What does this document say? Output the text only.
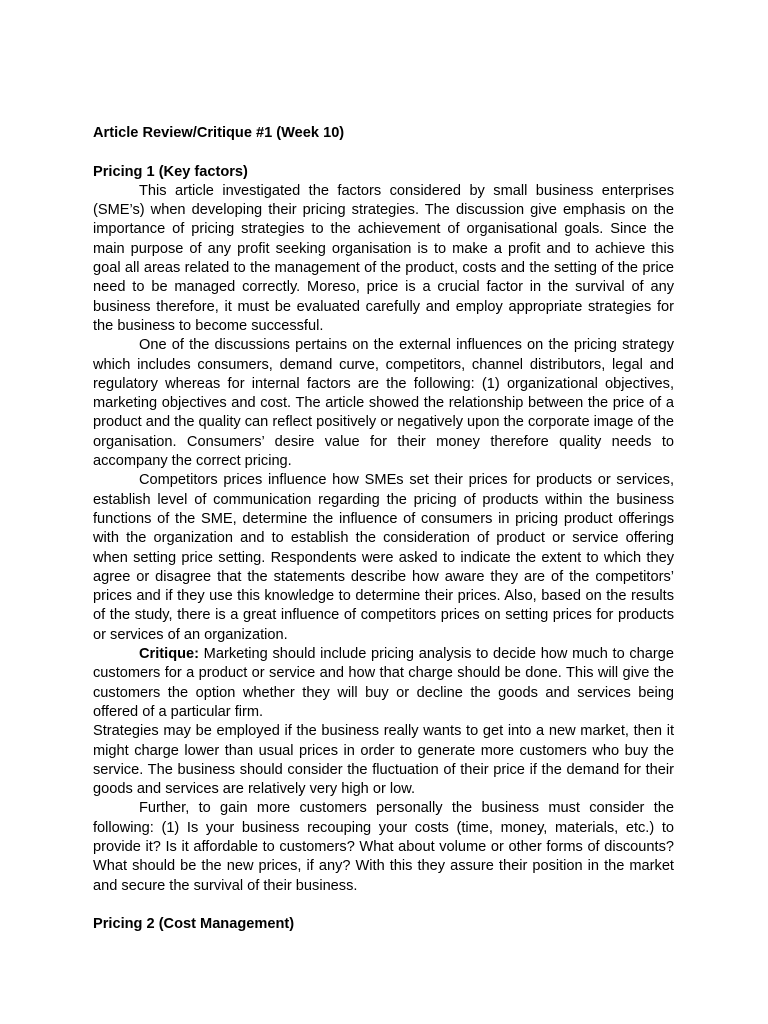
Article Review/Critique #1 (Week 10)
Pricing 1 (Key factors)

This article investigated the factors considered by small business enterprises (SME’s) when developing their pricing strategies. The discussion give emphasis on the importance of pricing strategies to the achievement of organisational goals. Since the main purpose of any profit seeking organisation is to make a profit and to achieve this goal all areas related to the management of the product, costs and the setting of the price need to be managed correctly. Moreso, price is a crucial factor in the survival of any business therefore, it must be evaluated carefully and employ appropriate strategies for the business to become successful.

One of the discussions pertains on the external influences on the pricing strategy which includes consumers, demand curve, competitors, channel distributors, legal and regulatory whereas for internal factors are the following: (1) organizational objectives, marketing objectives and cost. The article showed the relationship between the price of a product and the quality can reflect positively or negatively upon the corporate image of the organisation. Consumers’ desire value for their money therefore quality needs to accompany the correct pricing.

Competitors prices influence how SMEs set their prices for products or services, establish level of communication regarding the pricing of products within the business functions of the SME, determine the influence of consumers in pricing product offerings with the organization and to establish the consideration of product or service offering when setting price setting. Respondents were asked to indicate the extent to which they agree or disagree that the statements describe how aware they are of the competitors’ prices and if they use this knowledge to determine their prices. Also, based on the results of the study, there is a great influence of competitors prices on setting prices for products or services of an organization.

Critique: Marketing should include pricing analysis to decide how much to charge customers for a product or service and how that charge should be done. This will give the customers the option whether they will buy or decline the goods and services being offered of a particular firm.

Strategies may be employed if the business really wants to get into a new market, then it might charge lower than usual prices in order to generate more customers who buy the service. The business should consider the fluctuation of their price if the demand for their goods and services are relatively very high or low.

Further, to gain more customers personally the business must consider the following: (1) Is your business recouping your costs (time, money, materials, etc.) to provide it? Is it affordable to customers? What about volume or other forms of discounts? What should be the new prices, if any? With this they assure their position in the market and secure the survival of their business.

Pricing 2 (Cost Management)
